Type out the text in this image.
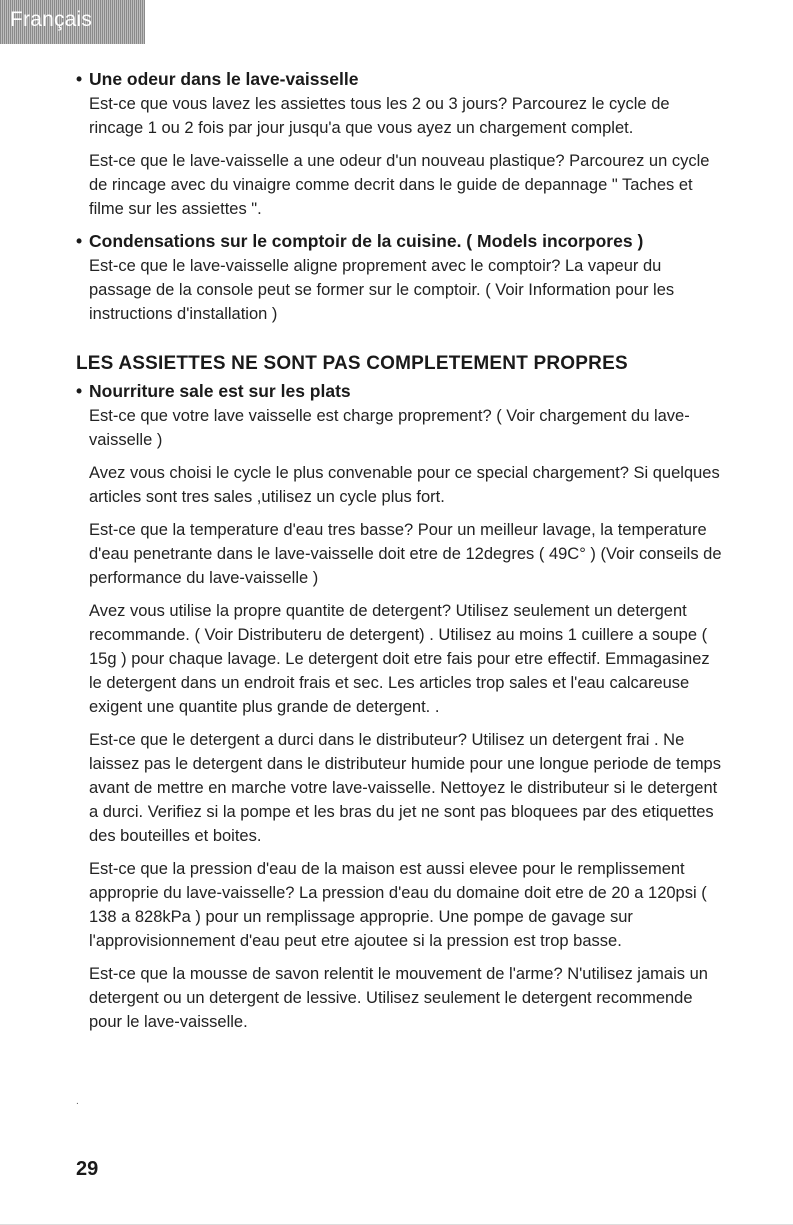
Français
• Une odeur dans le lave-vaisselle

Est-ce que vous lavez les assiettes tous les 2 ou 3 jours? Parcourez le cycle de rincage 1 ou 2 fois par jour jusqu'a que vous ayez un chargement complet.

Est-ce que le lave-vaisselle a une odeur d'un nouveau plastique? Parcourez un cycle de rincage avec du vinaigre comme decrit dans le guide de depannage " Taches et filme sur les assiettes ".

• Condensations sur le comptoir de la cuisine. ( Models incorpores )

Est-ce que le lave-vaisselle aligne proprement avec le comptoir? La vapeur du passage de la console peut se former sur le comptoir. ( Voir Information pour les instructions d'installation )

LES ASSIETTES NE SONT PAS COMPLETEMENT PROPRES
• Nourriture sale est sur les plats

Est-ce que votre lave vaisselle est charge proprement? ( Voir chargement du lave-vaisselle )

Avez vous choisi le cycle le plus convenable pour ce special chargement? Si quelques articles sont tres sales ,utilisez un cycle plus fort.

Est-ce que la temperature d'eau tres basse? Pour un meilleur lavage, la temperature d'eau penetrante dans le lave-vaisselle doit etre de 12degres ( 49C° ) (Voir conseils de performance du lave-vaisselle )

Avez vous utilise la propre quantite de detergent? Utilisez seulement un detergent recommande. ( Voir Distributeru de detergent) . Utilisez au moins 1 cuillere a soupe ( 15g ) pour chaque lavage. Le detergent doit etre fais pour etre effectif. Emmagasinez le detergent dans un endroit frais et sec. Les articles trop sales et l'eau calcareuse exigent une quantite plus grande de detergent. .

Est-ce que le detergent a durci dans le distributeur? Utilisez un detergent frai . Ne laissez pas le detergent dans le distributeur humide pour une longue periode de temps avant de mettre en marche votre lave-vaisselle. Nettoyez le distributeur si le detergent a durci. Verifiez si la pompe et les bras du jet ne sont pas bloquees par des etiquettes des bouteilles et boites.

Est-ce que la pression d'eau de la maison est aussi elevee pour le remplissement approprie du lave-vaisselle? La pression d'eau du domaine doit etre de 20 a 120psi ( 138 a 828kPa ) pour un remplissage approprie. Une pompe de gavage sur l'approvisionnement d'eau peut etre ajoutee si la pression est trop basse.

Est-ce que la mousse de savon relentit le mouvement de l'arme? N'utilisez jamais un detergent ou un detergent de lessive. Utilisez seulement le detergent recommende pour le lave-vaisselle.

.
29
